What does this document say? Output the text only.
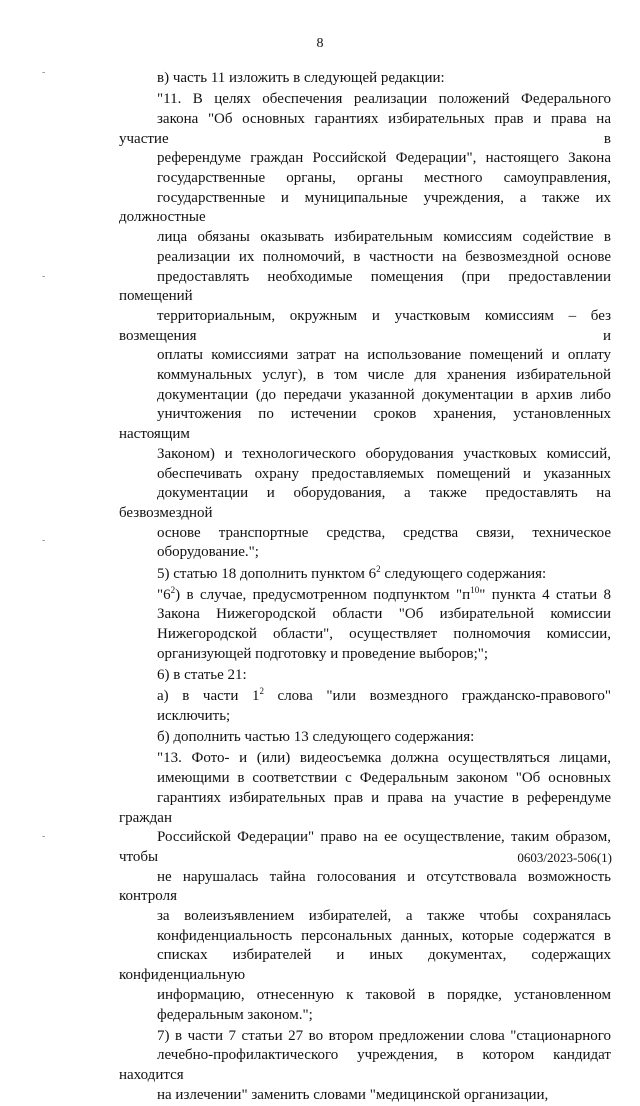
-
-
-
-
8

в) часть 11 изложить в следующей редакции:

"11. В целях обеспечения реализации положений Федерального
закона "Об основных гарантиях избирательных прав и права на участие в
референдуме граждан Российской Федерации", настоящего Закона
государственные органы, органы местного самоуправления,
государственные и муниципальные учреждения, а также их должностные
лица обязаны оказывать избирательным комиссиям содействие в
реализации их полномочий, в частности на безвозмездной основе
предоставлять необходимые помещения (при предоставлении помещений
территориальным, окружным и участковым комиссиям – без возмещения и
оплаты комиссиями затрат на использование помещений и оплату
коммунальных услуг), в том числе для хранения избирательной
документации (до передачи указанной документации в архив либо
уничтожения по истечении сроков хранения, установленных настоящим
Законом) и технологического оборудования участковых комиссий,
обеспечивать охрану предоставляемых помещений и указанных
документации и оборудования, а также предоставлять на безвозмездной
основе транспортные средства, средства связи, техническое
оборудование.";

5) статью 18 дополнить пунктом $6^2$ следующего содержания:

"$6^2$) в случае, предусмотренном подпунктом "$п^{10}$" пункта 4 статьи 8
Закона Нижегородской области "Об избирательной комиссии
Нижегородской области", осуществляет полномочия комиссии,
организующей подготовку и проведение выборов;";

6) в статье 21:

а) в части $1^2$ слова "или возмездного гражданско-правового"
исключить;

б) дополнить частью 13 следующего содержания:

"13. Фото- и (или) видеосъемка должна осуществляться лицами,
имеющими в соответствии с Федеральным законом "Об основных
гарантиях избирательных прав и права на участие в референдуме граждан
Российской Федерации" право на ее осуществление, таким образом, чтобы
не нарушалась тайна голосования и отсутствовала возможность контроля
за волеизъявлением избирателей, а также чтобы сохранялась
конфиденциальность персональных данных, которые содержатся в
списках избирателей и иных документах, содержащих конфиденциальную
информацию, отнесенную к таковой в порядке, установленном
федеральным законом.";

7) в части 7 статьи 27 во втором предложении слова "стационарного
лечебно-профилактического учреждения, в котором кандидат находится
на излечении" заменить словами "медицинской организации,

0603/2023-506(1)
